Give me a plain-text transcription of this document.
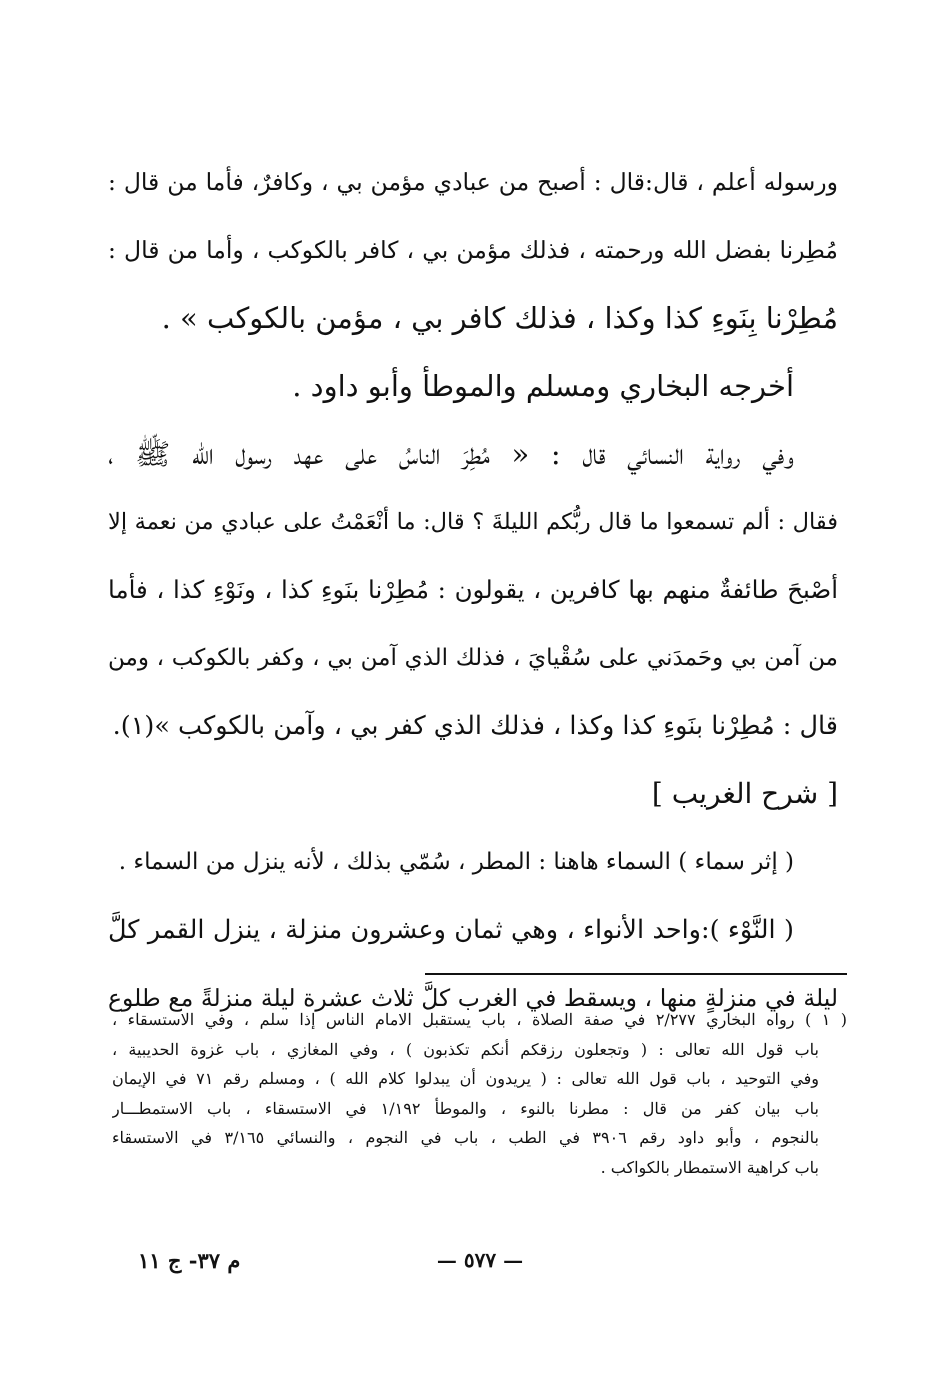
ورسوله أعلم ، قال:قال : أصبح من عبادي مؤمن بي ، وكافرٌ، فأما من قال :
مُطِرنا بفضل الله ورحمته ، فذلك مؤمن بي ، كافر بالكوكب ، وأما من قال :
مُطِرْنا بِنَوءِ كذا وكذا ، فذلك كافر بي ، مؤمن بالكوكب » .
أخرجه البخاري ومسلم والموطأ وأبو داود .
وفي رواية النسائي قال : « مُطِرَ الناسُ على عهد رسول الله ﷺ ،
فقال : ألم تسمعوا ما قال ربُّكم الليلةَ ؟ قال: ما أنْعَمْتُ على عبادي من نعمة إلا
أصْبحَ طائفةٌ منهم بها كافرين ، يقولون : مُطِرْنا بنَوءِ كذا ، ونَوْءِ كذا ، فأما
من آمن بي وحَمدَني على سُقْيايَ ، فذلك الذي آمن بي ، وكفر بالكوكب ، ومن
قال : مُطِرْنا بنَوءِ كذا وكذا ، فذلك الذي كفر بي ، وآمن بالكوكب »(١).
[ شرح الغريب ]
( إثر سماء ) السماء هاهنا : المطر ، سُمّي بذلك ، لأنه ينزل من السماء .
( النَّوْء ):واحد الأنواء ، وهي ثمان وعشرون منزلة ، ينزل القمر كلَّ
ليلة في منزلةٍ منها ، ويسقط في الغرب كلَّ ثلاث عشرة ليلة منزلةً مع طلوع
( ١ ) رواه البخاري ٢/٢٧٧ في صفة الصلاة ، باب يستقبل الامام الناس إذا سلم ، وفي الاستسقاء ،
باب قول الله تعالى : ( وتجعلون رزقكم أنكم تكذبون ) ، وفي المغازي ، باب غزوة الحديبية ،
وفي التوحيد ، باب قول الله تعالى : ( يريدون أن يبدلوا كلام الله ) ، ومسلم رقم ٧١ في الإيمان
باب بيان كفر من قال : مطرنا بالنوء ، والموطأ ١/١٩٢ في الاستسقاء ، باب الاستمطـــار
بالنجوم ، وأبو داود رقم ٣٩٠٦ في الطب ، باب في النجوم ، والنسائي ٣/١٦٥ في الاستسقاء
باب كراهية الاستمطار بالكواكب .
— ٥٧٧ —
م ٣٧- ج ١١
